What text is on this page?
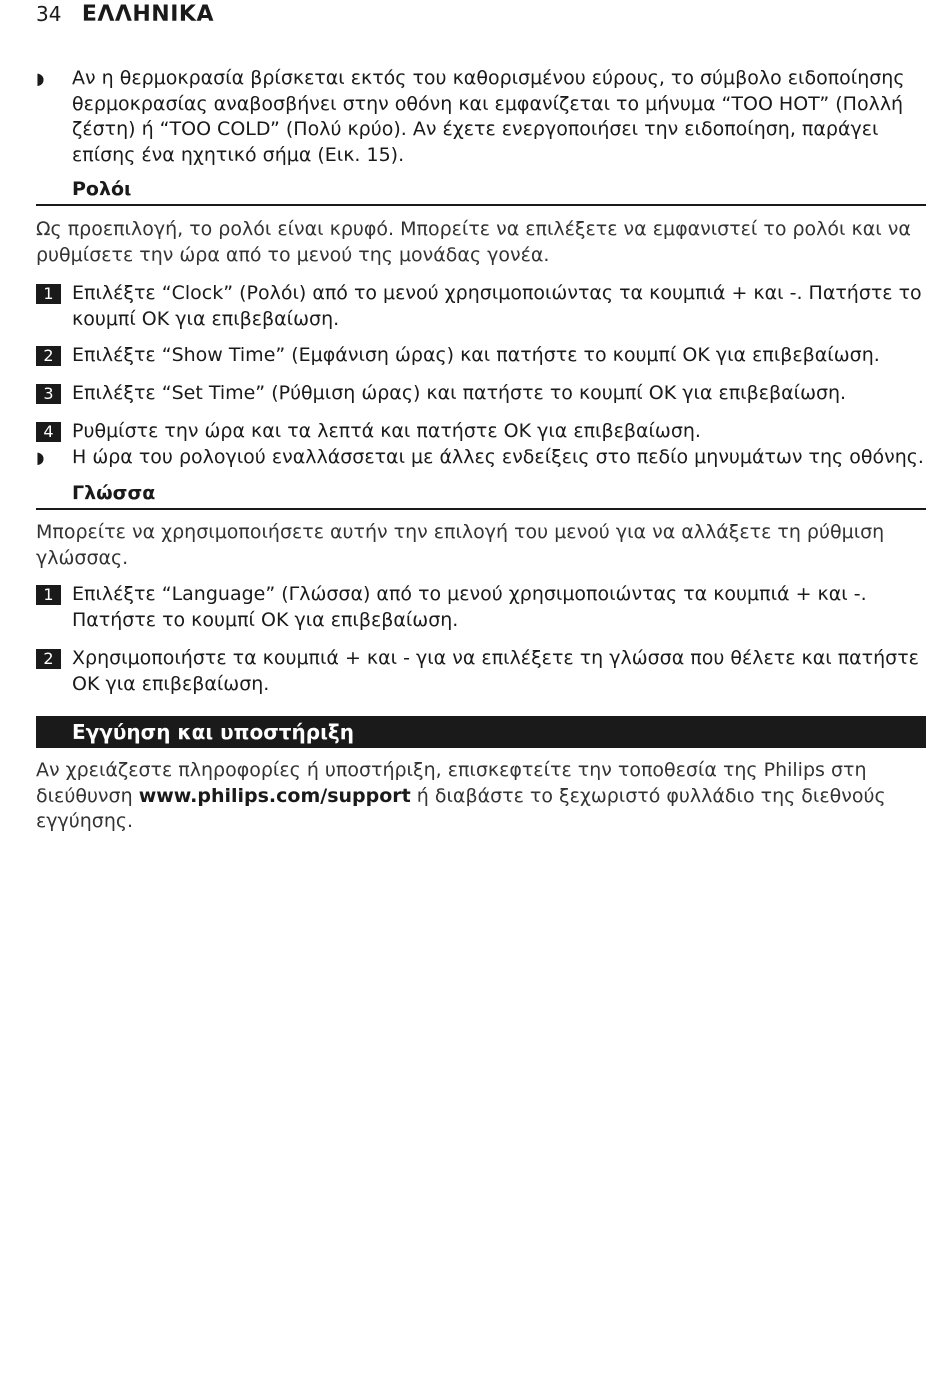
34 ΕΛΛΗΝΙΚΑ
◗ Αν η θερμοκρασία βρίσκεται εκτός του καθορισμένου εύρους, το σύμβολο ειδοποίησης θερμοκρασίας αναβοσβήνει στην οθόνη και εμφανίζεται το μήνυμα “TOO HOT” (Πολλή ζέστη) ή “TOO COLD” (Πολύ κρύο). Αν έχετε ενεργοποιήσει την ειδοποίηση, παράγει επίσης ένα ηχητικό σήμα (Εικ. 15).
Ρολόι
Ως προεπιλογή, το ρολόι είναι κρυφό. Μπορείτε να επιλέξετε να εμφανιστεί το ρολόι και να ρυθμίσετε την ώρα από το μενού της μονάδας γονέα.
1 Επιλέξτε “Clock” (Ρολόι) από το μενού χρησιμοποιώντας τα κουμπιά + και -. Πατήστε το κουμπί OK για επιβεβαίωση.
2 Επιλέξτε “Show Time” (Εμφάνιση ώρας) και πατήστε το κουμπί OK για επιβεβαίωση.
3 Επιλέξτε “Set Time” (Ρύθμιση ώρας) και πατήστε το κουμπί OK για επιβεβαίωση.
4 Ρυθμίστε την ώρα και τα λεπτά και πατήστε OK για επιβεβαίωση.
◗ Η ώρα του ρολογιού εναλλάσσεται με άλλες ενδείξεις στο πεδίο μηνυμάτων της οθόνης.
Γλώσσα
Μπορείτε να χρησιμοποιήσετε αυτήν την επιλογή του μενού για να αλλάξετε τη ρύθμιση γλώσσας.
1 Επιλέξτε “Language” (Γλώσσα) από το μενού χρησιμοποιώντας τα κουμπιά + και -. Πατήστε το κουμπί OK για επιβεβαίωση.
2 Χρησιμοποιήστε τα κουμπιά + και - για να επιλέξετε τη γλώσσα που θέλετε και πατήστε OK για επιβεβαίωση.
Εγγύηση και υποστήριξη
Αν χρειάζεστε πληροφορίες ή υποστήριξη, επισκεφτείτε την τοποθεσία της Philips στη διεύθυνση www.philips.com/support ή διαβάστε το ξεχωριστό φυλλάδιο της διεθνούς εγγύησης.
